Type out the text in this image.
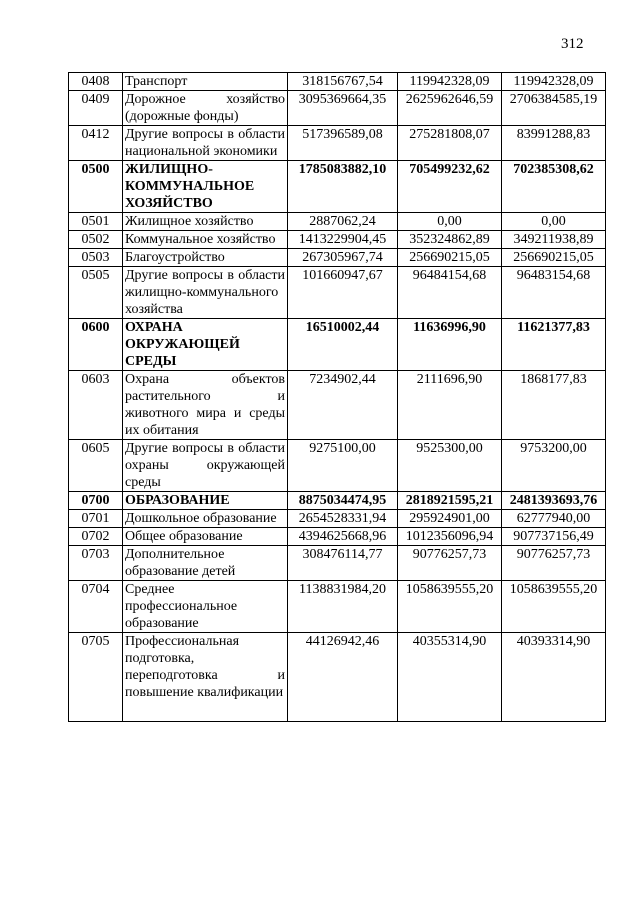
312
0408	Транспорт	318156767,54	119942328,09	119942328,09
0409	Дорожное хозяйство (дорожные фонды)	3095369664,35	2625962646,59	2706384585,19
0412	Другие вопросы в области национальной экономики	517396589,08	275281808,07	83991288,83
0500	ЖИЛИЩНО-КОММУНАЛЬНОЕ ХОЗЯЙСТВО	1785083882,10	705499232,62	702385308,62
0501	Жилищное хозяйство	2887062,24	0,00	0,00
0502	Коммунальное хозяйство	1413229904,45	352324862,89	349211938,89
0503	Благоустройство	267305967,74	256690215,05	256690215,05
0505	Другие вопросы в области жилищно-коммунального хозяйства	101660947,67	96484154,68	96483154,68
0600	ОХРАНА ОКРУЖАЮЩЕЙ СРЕДЫ	16510002,44	11636996,90	11621377,83
0603	Охрана объектов растительного и животного мира и среды их обитания	7234902,44	2111696,90	1868177,83
0605	Другие вопросы в области охраны окружающей среды	9275100,00	9525300,00	9753200,00
0700	ОБРАЗОВАНИЕ	8875034474,95	2818921595,21	2481393693,76
0701	Дошкольное образование	2654528331,94	295924901,00	62777940,00
0702	Общее образование	4394625668,96	1012356096,94	907737156,49
0703	Дополнительное образование детей	308476114,77	90776257,73	90776257,73
0704	Среднее профессиональное образование	1138831984,20	1058639555,20	1058639555,20
0705	Профессиональная подготовка, переподготовка и повышение квалификации	44126942,46	40355314,90	40393314,90
